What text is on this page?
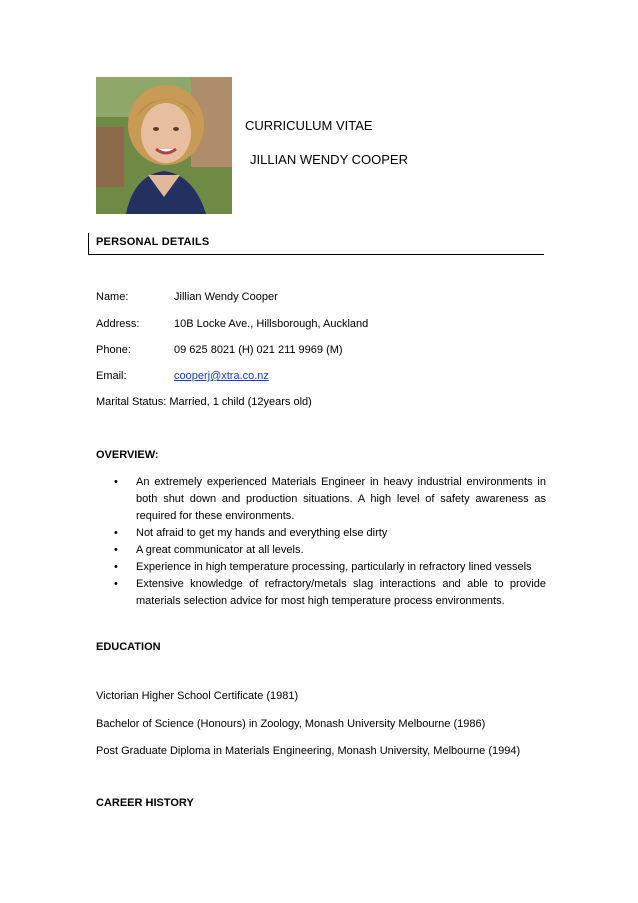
CURRICULUM VITAE
JILLIAN WENDY COOPER
PERSONAL DETAILS
Name:	Jillian Wendy Cooper
Address:	10B Locke Ave., Hillsborough, Auckland
Phone:	09 625 8021 (H) 021 211 9969 (M)
Email:	cooperj@xtra.co.nz
Marital Status: Married, 1 child (12years old)
OVERVIEW:
• An extremely experienced Materials Engineer in heavy industrial environments in both shut down and production situations. A high level of safety awareness as required for these environments.
• Not afraid to get my hands and everything else dirty
• A great communicator at all levels.
• Experience in high temperature processing, particularly in refractory lined vessels
• Extensive knowledge of refractory/metals slag interactions and able to provide materials selection advice for most high temperature process environments.
EDUCATION
Victorian Higher School Certificate (1981)
Bachelor of Science (Honours) in Zoology, Monash University Melbourne (1986)
Post Graduate Diploma in Materials Engineering, Monash University, Melbourne (1994)
CAREER HISTORY
